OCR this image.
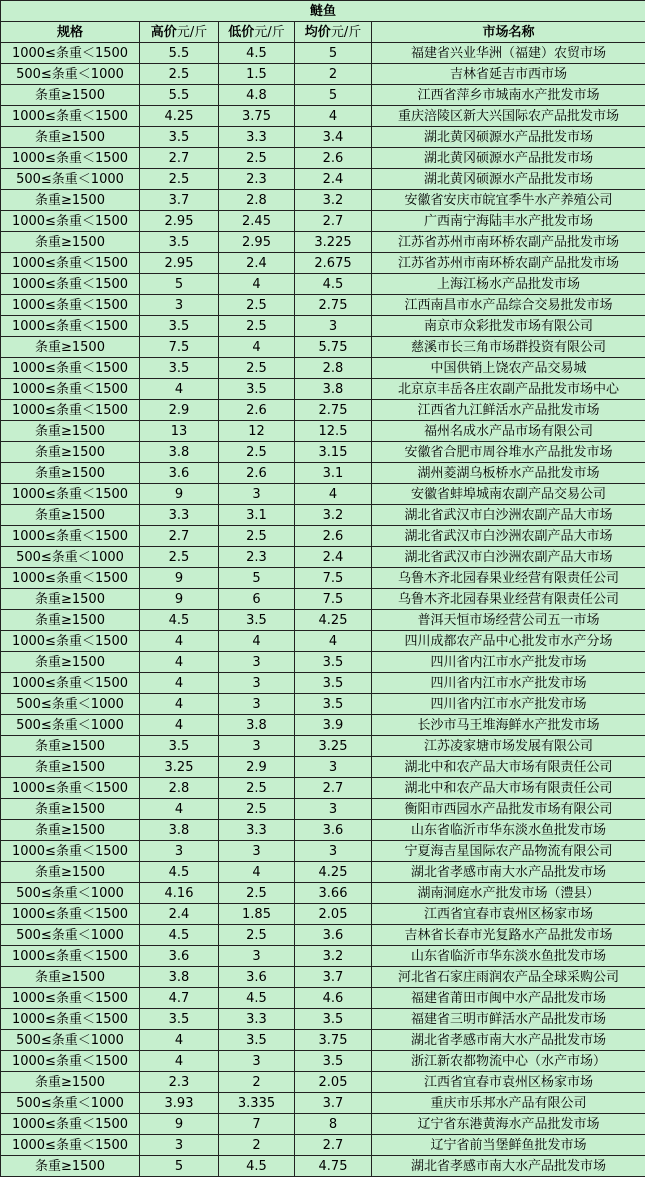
鲢鱼				
规格	高价元/斤	低价元/斤	均价元/斤	市场名称
1000≤条重＜1500	5.5	4.5	5	福建省兴业华洲（福建）农贸市场
500≤条重＜1000	2.5	1.5	2	吉林省延吉市西市场
条重≥1500	5.5	4.8	5	江西省萍乡市城南水产批发市场
1000≤条重＜1500	4.25	3.75	4	重庆涪陵区新大兴国际农产品批发市场
条重≥1500	3.5	3.3	3.4	湖北黄冈硕源水产品批发市场
1000≤条重＜1500	2.7	2.5	2.6	湖北黄冈硕源水产品批发市场
500≤条重＜1000	2.5	2.3	2.4	湖北黄冈硕源水产品批发市场
条重≥1500	3.7	2.8	3.2	安徽省安庆市皖宜季牛水产养殖公司
1000≤条重＜1500	2.95	2.45	2.7	广西南宁海陆丰水产批发市场
条重≥1500	3.5	2.95	3.225	江苏省苏州市南环桥农副产品批发市场
1000≤条重＜1500	2.95	2.4	2.675	江苏省苏州市南环桥农副产品批发市场
1000≤条重＜1500	5	4	4.5	上海江杨水产品批发市场
1000≤条重＜1500	3	2.5	2.75	江西南昌市水产品综合交易批发市场
1000≤条重＜1500	3.5	2.5	3	南京市众彩批发市场有限公司
条重≥1500	7.5	4	5.75	慈溪市长三角市场群投资有限公司
1000≤条重＜1500	3.5	2.5	2.8	中国供销上饶农产品交易城
1000≤条重＜1500	4	3.5	3.8	北京京丰岳各庄农副产品批发市场中心
1000≤条重＜1500	2.9	2.6	2.75	江西省九江鲜活水产品批发市场
条重≥1500	13	12	12.5	福州名成水产品市场有限公司
条重≥1500	3.8	2.5	3.15	安徽省合肥市周谷堆水产品批发市场
条重≥1500	3.6	2.6	3.1	湖州菱湖乌板桥水产品批发市场
1000≤条重＜1500	9	3	4	安徽省蚌埠城南农副产品交易公司
条重≥1500	3.3	3.1	3.2	湖北省武汉市白沙洲农副产品大市场
1000≤条重＜1500	2.7	2.5	2.6	湖北省武汉市白沙洲农副产品大市场
500≤条重＜1000	2.5	2.3	2.4	湖北省武汉市白沙洲农副产品大市场
1000≤条重＜1500	9	5	7.5	乌鲁木齐北园春果业经营有限责任公司
条重≥1500	9	6	7.5	乌鲁木齐北园春果业经营有限责任公司
条重≥1500	4.5	3.5	4.25	普洱天恒市场经营公司五一市场
1000≤条重＜1500	4	4	4	四川成都农产品中心批发市水产分场
条重≥1500	4	3	3.5	四川省内江市水产批发市场
1000≤条重＜1500	4	3	3.5	四川省内江市水产批发市场
500≤条重＜1000	4	3	3.5	四川省内江市水产批发市场
500≤条重＜1000	4	3.8	3.9	长沙市马王堆海鲜水产批发市场
条重≥1500	3.5	3	3.25	江苏凌家塘市场发展有限公司
条重≥1500	3.25	2.9	3	湖北中和农产品大市场有限责任公司
1000≤条重＜1500	2.8	2.5	2.7	湖北中和农产品大市场有限责任公司
条重≥1500	4	2.5	3	衡阳市西园水产品批发市场有限公司
条重≥1500	3.8	3.3	3.6	山东省临沂市华东淡水鱼批发市场
1000≤条重＜1500	3	3	3	宁夏海吉星国际农产品物流有限公司
条重≥1500	4.5	4	4.25	湖北省孝感市南大水产品批发市场
500≤条重＜1000	4.16	2.5	3.66	湖南洞庭水产批发市场（澧县）
1000≤条重＜1500	2.4	1.85	2.05	江西省宜春市袁州区杨家市场
500≤条重＜1000	4.5	2.5	3.6	吉林省长春市光复路水产品批发市场
1000≤条重＜1500	3.6	3	3.2	山东省临沂市华东淡水鱼批发市场
条重≥1500	3.8	3.6	3.7	河北省石家庄雨润农产品全球采购公司
1000≤条重＜1500	4.7	4.5	4.6	福建省莆田市闽中水产品批发市场
1000≤条重＜1500	3.5	3.3	3.5	福建省三明市鲜活水产品批发市场
500≤条重＜1000	4	3.5	3.75	湖北省孝感市南大水产品批发市场
1000≤条重＜1500	4	3	3.5	浙江新农都物流中心（水产市场）
条重≥1500	2.3	2	2.05	江西省宜春市袁州区杨家市场
500≤条重＜1000	3.93	3.335	3.7	重庆市乐邦水产品有限公司
1000≤条重＜1500	9	7	8	辽宁省东港黄海水产品批发市场
1000≤条重＜1500	3	2	2.7	辽宁省前当堡鲜鱼批发市场
条重≥1500	5	4.5	4.75	湖北省孝感市南大水产品批发市场
